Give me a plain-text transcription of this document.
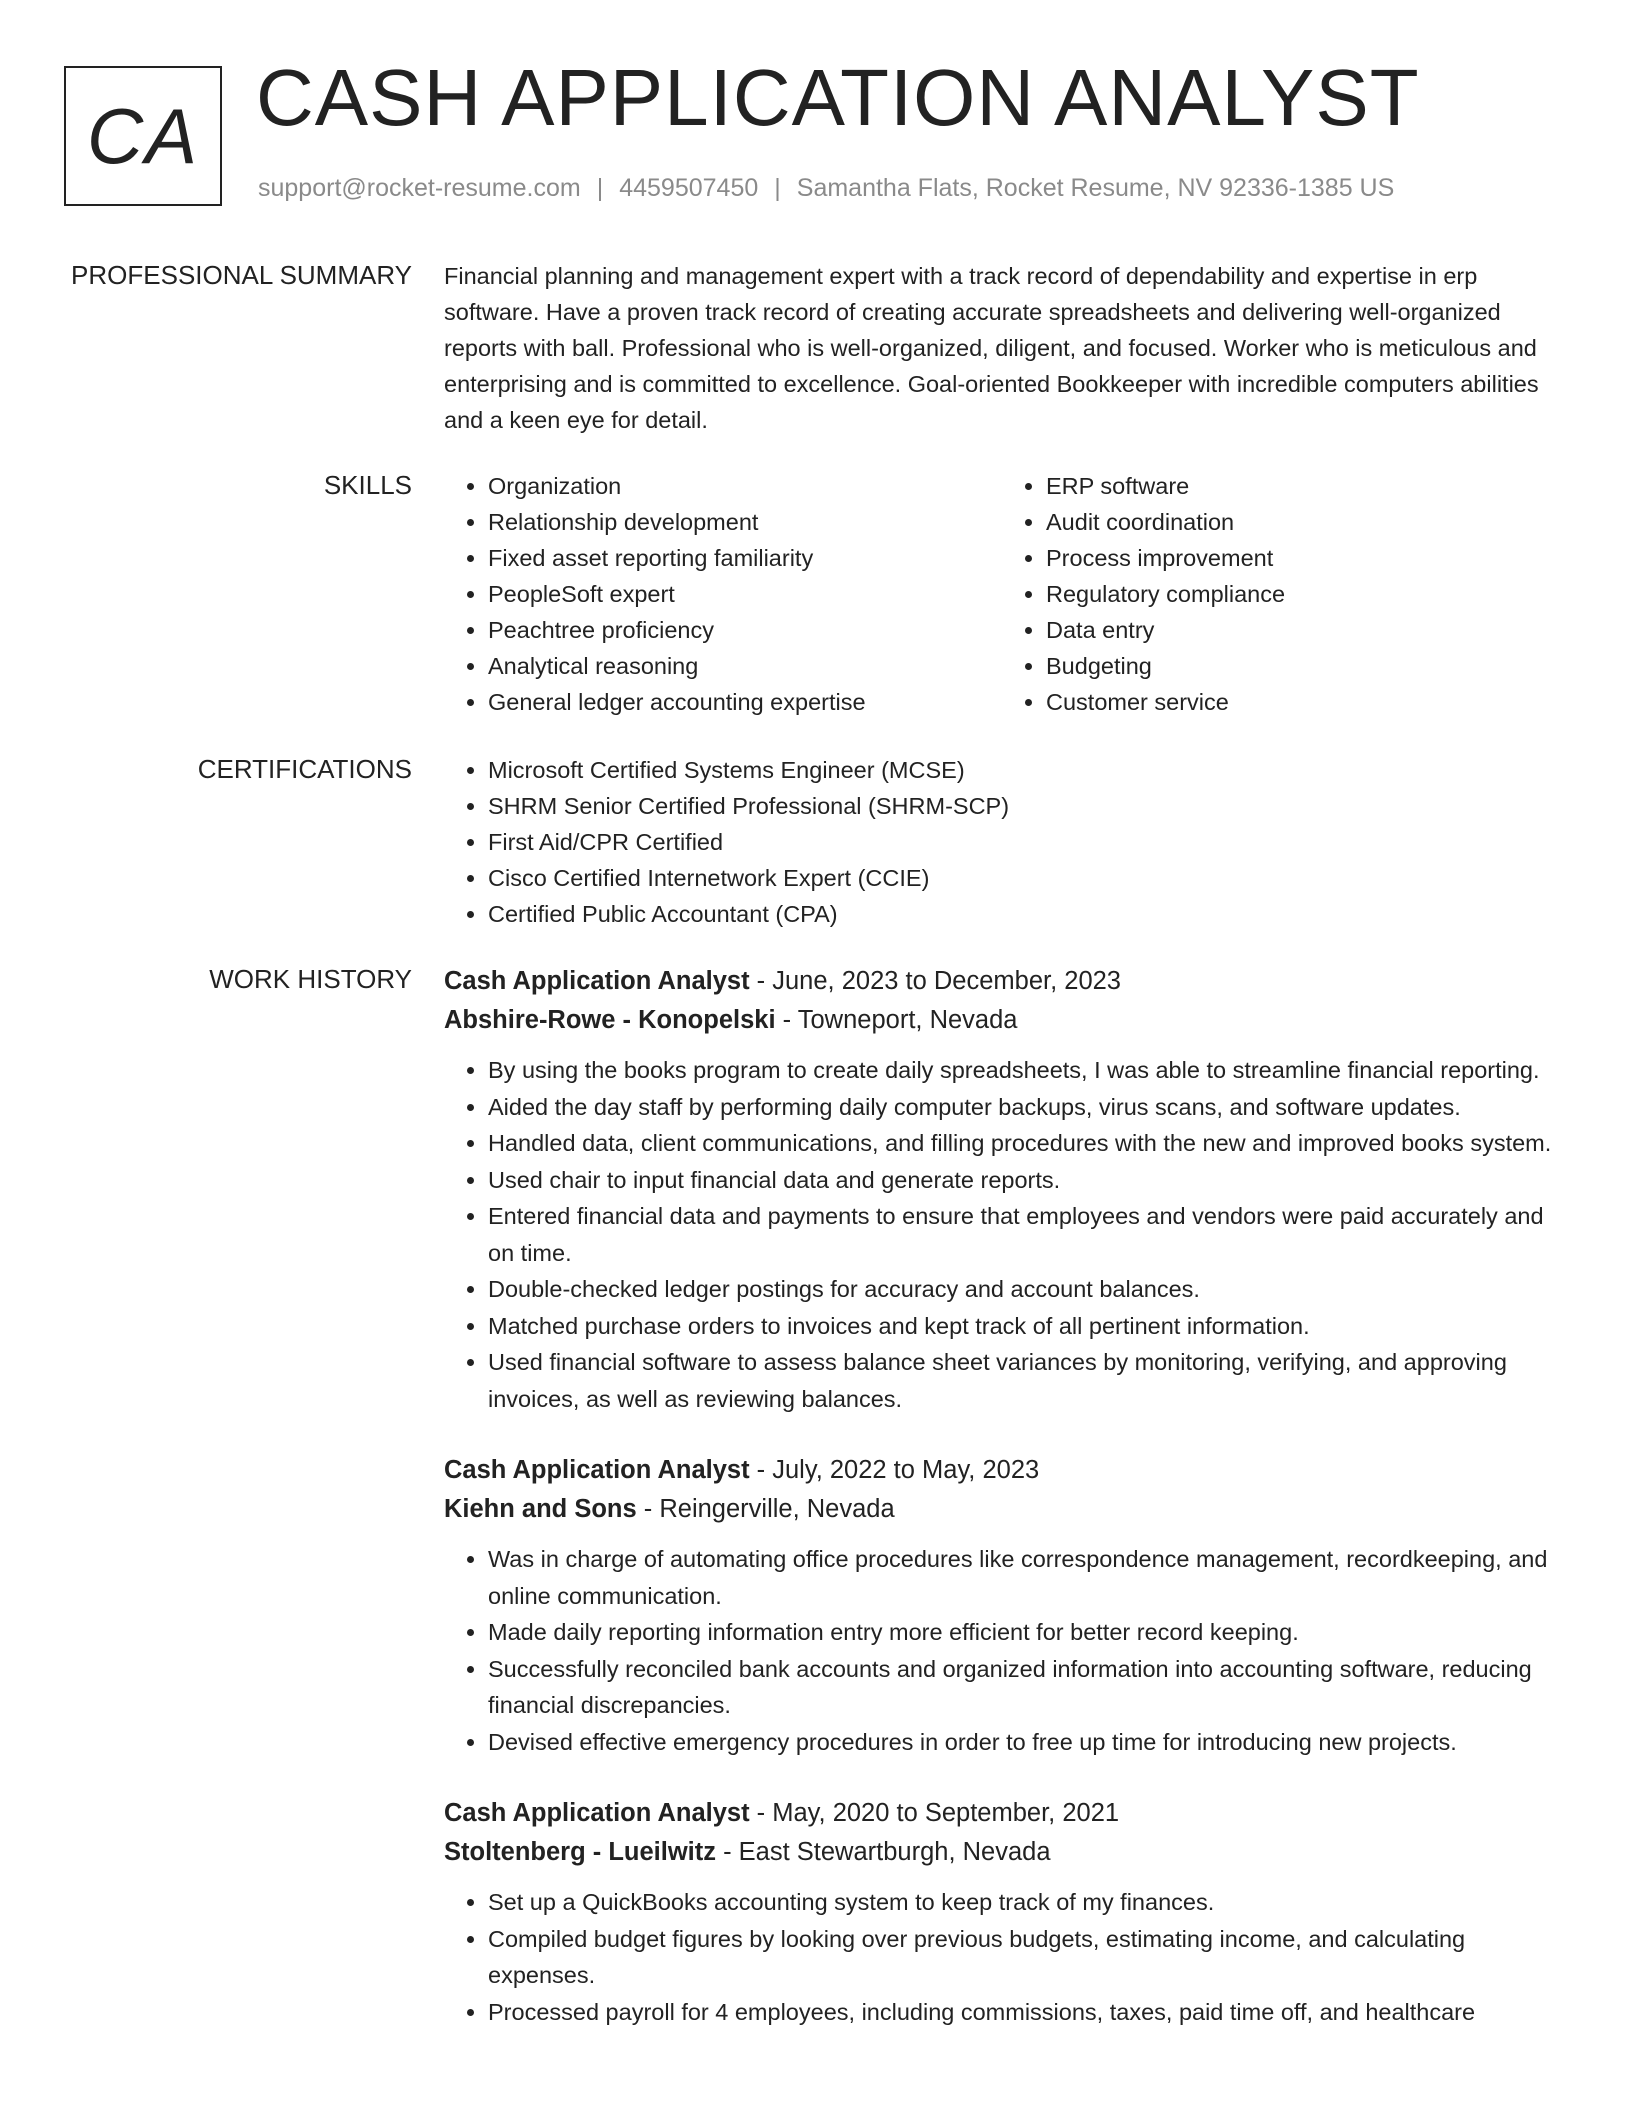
CA CASH APPLICATION ANALYST
support@rocket-resume.com | 4459507450 | Samantha Flats, Rocket Resume, NV 92336-1385 US
PROFESSIONAL SUMMARY Financial planning and management expert with a track record of dependability and expertise in erp software. Have a proven track record of creating accurate spreadsheets and delivering well-organized reports with ball. Professional who is well-organized, diligent, and focused. Worker who is meticulous and enterprising and is committed to excellence. Goal-oriented Bookkeeper with incredible computers abilities and a keen eye for detail.

SKILLS	• Organization
• Relationship development
• Fixed asset reporting familiarity
• PeopleSoft expert
• Peachtree proficiency
• Analytical reasoning
• General ledger accounting expertise
• ERP software
• Audit coordination
• Process improvement
• Regulatory compliance
• Data entry
• Budgeting
• Customer service
CERTIFICATIONS	• Microsoft Certified Systems Engineer (MCSE)
• SHRM Senior Certified Professional (SHRM-SCP)
• First Aid/CPR Certified
• Cisco Certified Internetwork Expert (CCIE)
• Certified Public Accountant (CPA)
WORK HISTORY Cash Application Analyst - June, 2023 to December, 2023
Abshire-Rowe - Konopelski - Towneport, Nevada
• By using the books program to create daily spreadsheets, I was able to streamline financial reporting.
• Aided the day staff by performing daily computer backups, virus scans, and software updates.
• Handled data, client communications, and filling procedures with the new and improved books system.
• Used chair to input financial data and generate reports.
• Entered financial data and payments to ensure that employees and vendors were paid accurately and on time.
• Double-checked ledger postings for accuracy and account balances.
• Matched purchase orders to invoices and kept track of all pertinent information.
• Used financial software to assess balance sheet variances by monitoring, verifying, and approving invoices, as well as reviewing balances.
Cash Application Analyst - July, 2022 to May, 2023
Kiehn and Sons - Reingerville, Nevada
• Was in charge of automating office procedures like correspondence management, recordkeeping, and online communication.
• Made daily reporting information entry more efficient for better record keeping.
• Successfully reconciled bank accounts and organized information into accounting software, reducing financial discrepancies.
• Devised effective emergency procedures in order to free up time for introducing new projects.
Cash Application Analyst - May, 2020 to September, 2021
Stoltenberg - Lueilwitz - East Stewartburgh, Nevada
• Set up a QuickBooks accounting system to keep track of my finances.
• Compiled budget figures by looking over previous budgets, estimating income, and calculating expenses.
• Processed payroll for 4 employees, including commissions, taxes, paid time off, and healthcare
